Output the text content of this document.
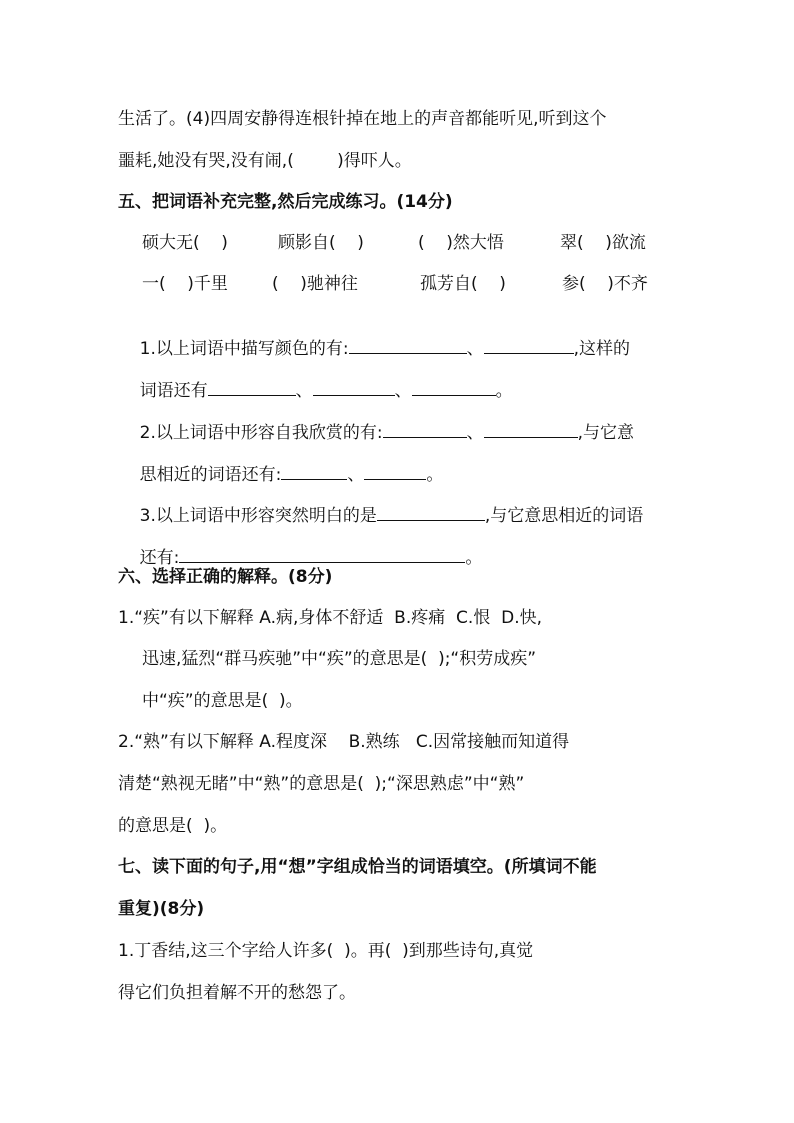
生活了。(4)四周安静得连根针掉在地上的声音都能听见,听到这个
噩耗,她没有哭,没有闹,(        )得吓人。
五、把词语补充完整,然后完成练习。(14分)
硕大无(    )	顾影自(    )	(    )然大悟	翠(    )欲流
一(    )千里	(    )驰神往	孤芳自(    )	参(    )不齐

1.以上词语中描写颜色的有:	、	,这样的

词语还有	、	、	。

2.以上词语中形容自我欣赏的有:	、	,与它意

思相近的词语还有:	、	。

3.以上词语中形容突然明白的是	,与它意思相近的词语

还有:	。

六、选择正确的解释。(8分)
1.“疾”有以下解释 A.病,身体不舒适  B.疼痛  C.恨  D.快,
迅速,猛烈“群马疾驰”中“疾”的意思是(  );“积劳成疾”
中“疾”的意思是(  )。
2.“熟”有以下解释 A.程度深    B.熟练   C.因常接触而知道得
清楚“熟视无睹”中“熟”的意思是(  );“深思熟虑”中“熟”
的意思是(  )。
七、读下面的句子,用“想”字组成恰当的词语填空。(所填词不能
重复)(8分)
1.丁香结,这三个字给人许多(  )。再(  )到那些诗句,真觉
得它们负担着解不开的愁怨了。
